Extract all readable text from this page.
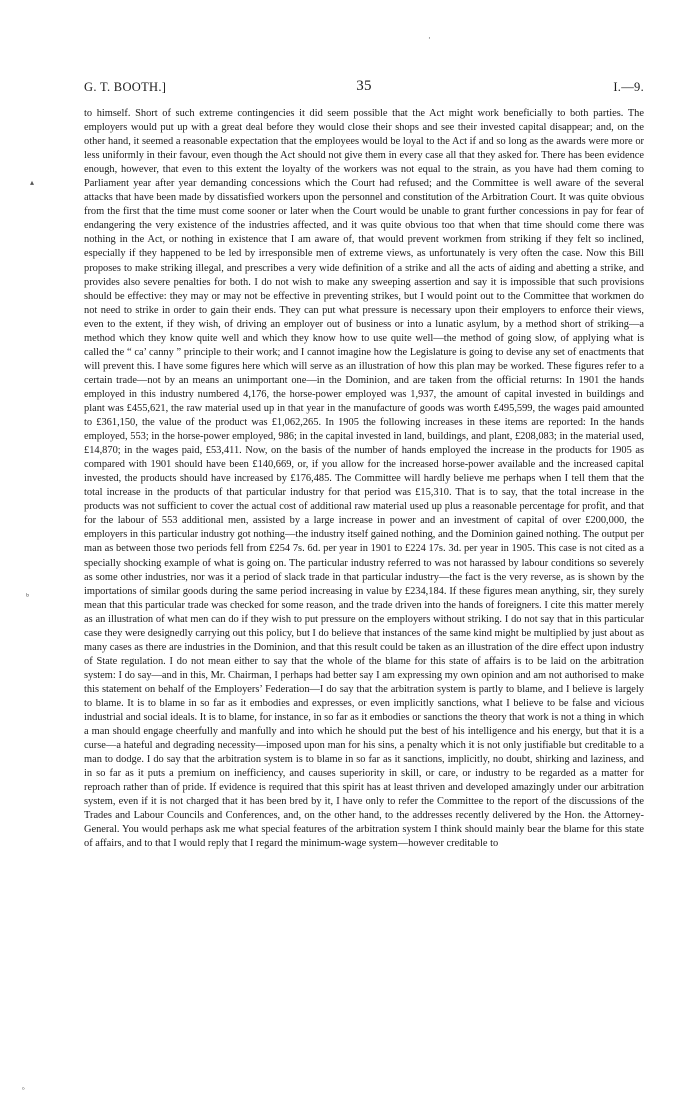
·
▴
ᵇ
ᵟ
G. T. BOOTH.]	35	I.—9.

to himself. Short of such extreme contingencies it did seem possible that the Act might work beneficially to both parties. The employers would put up with a great deal before they would close their shops and see their invested capital disappear; and, on the other hand, it seemed a reasonable expectation that the employees would be loyal to the Act if and so long as the awards were more or less uniformly in their favour, even though the Act should not give them in every case all that they asked for. There has been evidence enough, however, that even to this extent the loyalty of the workers was not equal to the strain, as you have had them coming to Parliament year after year demanding concessions which the Court had refused; and the Committee is well aware of the several attacks that have been made by dissatisfied workers upon the personnel and constitution of the Arbitration Court. It was quite obvious from the first that the time must come sooner or later when the Court would be unable to grant further concessions in pay for fear of endangering the very existence of the industries affected, and it was quite obvious too that when that time should come there was nothing in the Act, or nothing in existence that I am aware of, that would prevent workmen from striking if they felt so inclined, especially if they happened to be led by irresponsible men of extreme views, as unfortunately is very often the case. Now this Bill proposes to make striking illegal, and prescribes a very wide definition of a strike and all the acts of aiding and abetting a strike, and provides also severe penalties for both. I do not wish to make any sweeping assertion and say it is impossible that such provisions should be effective: they may or may not be effective in preventing strikes, but I would point out to the Committee that workmen do not need to strike in order to gain their ends. They can put what pressure is necessary upon their employers to enforce their views, even to the extent, if they wish, of driving an employer out of business or into a lunatic asylum, by a method short of striking—a method which they know quite well and which they know how to use quite well—the method of going slow, of applying what is called the “ ca’ canny ” principle to their work; and I cannot imagine how the Legislature is going to devise any set of enactments that will prevent this. I have some figures here which will serve as an illustration of how this plan may be worked. These figures refer to a certain trade—not by an means an unimportant one—in the Dominion, and are taken from the official returns: In 1901 the hands employed in this industry numbered 4,176, the horse-power employed was 1,937, the amount of capital invested in buildings and plant was £455,621, the raw material used up in that year in the manufacture of goods was worth £495,599, the wages paid amounted to £361,150, the value of the product was £1,062,265. In 1905 the following increases in these items are reported: In the hands employed, 553; in the horse-power employed, 986; in the capital invested in land, buildings, and plant, £208,083; in the material used, £14,870; in the wages paid, £53,411. Now, on the basis of the number of hands employed the increase in the products for 1905 as compared with 1901 should have been £140,669, or, if you allow for the increased horse-power available and the increased capital invested, the products should have increased by £176,485. The Committee will hardly believe me perhaps when I tell them that the total increase in the products of that particular industry for that period was £15,310. That is to say, that the total increase in the products was not sufficient to cover the actual cost of additional raw material used up plus a reasonable percentage for profit, and that for the labour of 553 additional men, assisted by a large increase in power and an investment of capital of over £200,000, the employers in this particular industry got nothing—the industry itself gained nothing, and the Dominion gained nothing. The output per man as between those two periods fell from £254 7s. 6d. per year in 1901 to £224 17s. 3d. per year in 1905. This case is not cited as a specially shocking example of what is going on. The particular industry referred to was not harassed by labour conditions so severely as some other industries, nor was it a period of slack trade in that particular industry—the fact is the very reverse, as is shown by the importations of similar goods during the same period increasing in value by £234,184. If these figures mean anything, sir, they surely mean that this particular trade was checked for some reason, and the trade driven into the hands of foreigners. I cite this matter merely as an illustration of what men can do if they wish to put pressure on the employers without striking. I do not say that in this particular case they were designedly carrying out this policy, but I do believe that instances of the same kind might be multiplied by just about as many cases as there are industries in the Dominion, and that this result could be taken as an illustration of the dire effect upon industry of State regulation. I do not mean either to say that the whole of the blame for this state of affairs is to be laid on the arbitration system: I do say—and in this, Mr. Chairman, I perhaps had better say I am expressing my own opinion and am not authorised to make this statement on behalf of the Employers’ Federation—I do say that the arbitration system is partly to blame, and I believe is largely to blame. It is to blame in so far as it embodies and expresses, or even implicitly sanctions, what I believe to be false and vicious industrial and social ideals. It is to blame, for instance, in so far as it embodies or sanctions the theory that work is not a thing in which a man should engage cheerfully and manfully and into which he should put the best of his intelligence and his energy, but that it is a curse—a hateful and degrading necessity—imposed upon man for his sins, a penalty which it is not only justifiable but creditable to a man to dodge. I do say that the arbitration system is to blame in so far as it sanctions, implicitly, no doubt, shirking and laziness, and in so far as it puts a premium on inefficiency, and causes superiority in skill, or care, or industry to be regarded as a matter for reproach rather than of pride. If evidence is required that this spirit has at least thriven and developed amazingly under our arbitration system, even if it is not charged that it has been bred by it, I have only to refer the Committee to the report of the discussions of the Trades and Labour Councils and Conferences, and, on the other hand, to the addresses recently delivered by the Hon. the Attorney-General. You would perhaps ask me what special features of the arbitration system I think should mainly bear the blame for this state of affairs, and to that I would reply that I regard the minimum-wage system—however creditable to
